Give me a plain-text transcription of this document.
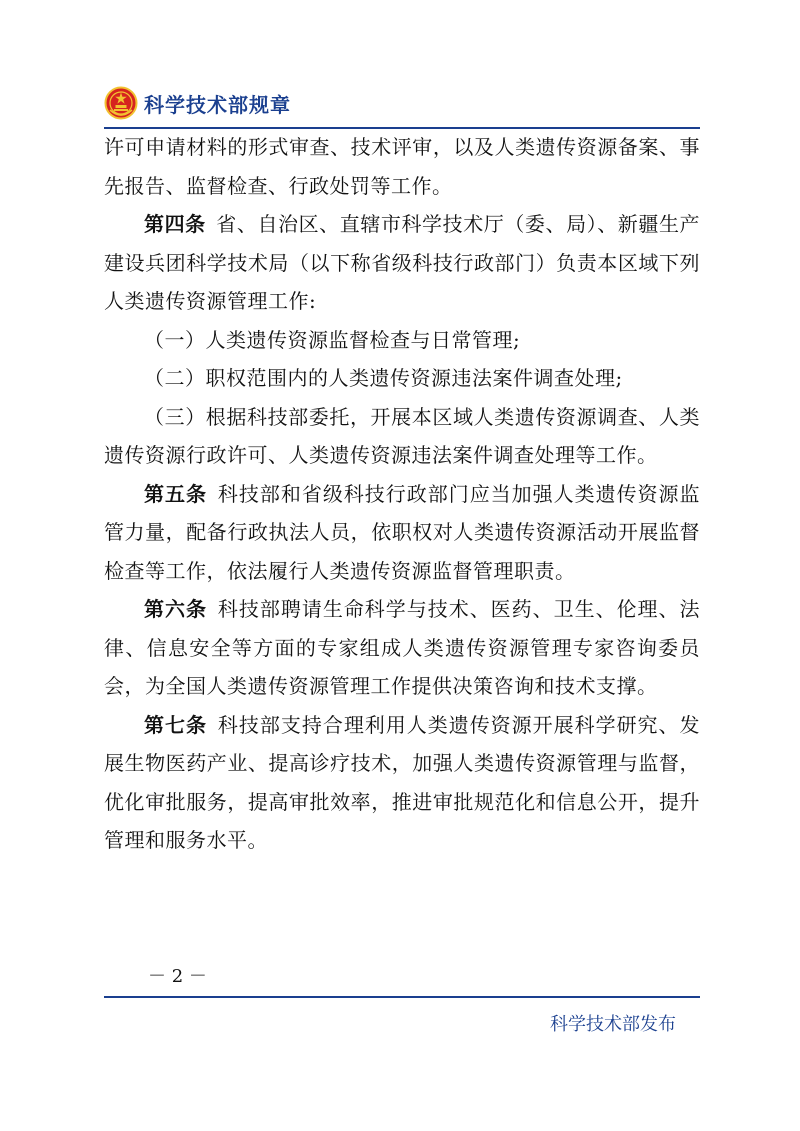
科学技术部规章

许可申请材料的形式审查、技术评审，以及人类遗传资源备案、事先报告、监督检查、行政处罚等工作。

第四条  省、自治区、直辖市科学技术厅（委、局）、新疆生产建设兵团科学技术局（以下称省级科技行政部门）负责本区域下列人类遗传资源管理工作:

（一）人类遗传资源监督检查与日常管理;

（二）职权范围内的人类遗传资源违法案件调查处理;

（三）根据科技部委托，开展本区域人类遗传资源调查、人类遗传资源行政许可、人类遗传资源违法案件调查处理等工作。

第五条  科技部和省级科技行政部门应当加强人类遗传资源监管力量，配备行政执法人员，依职权对人类遗传资源活动开展监督检查等工作，依法履行人类遗传资源监督管理职责。

第六条  科技部聘请生命科学与技术、医药、卫生、伦理、法律、信息安全等方面的专家组成人类遗传资源管理专家咨询委员会，为全国人类遗传资源管理工作提供决策咨询和技术支撑。

第七条  科技部支持合理利用人类遗传资源开展科学研究、发展生物医药产业、提高诊疗技术，加强人类遗传资源管理与监督，优化审批服务，提高审批效率，推进审批规范化和信息公开，提升管理和服务水平。

－ 2 －
科学技术部发布
